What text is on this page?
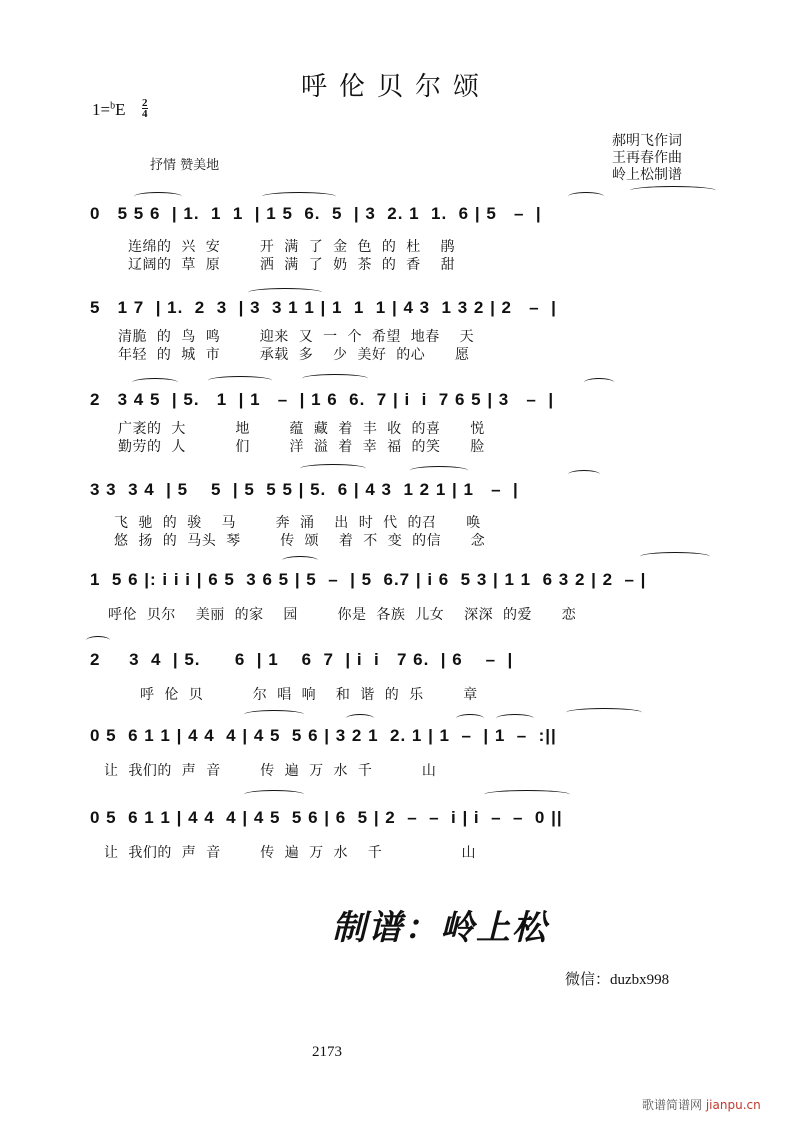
呼伦贝尔颂
1=$^b$E 2
4
抒情 赞美地
郝明飞作词
王再春作曲
岭上松制谱
0   5 5 6  | 1.  1  1  | 1 5  6.  5  | 3  2. 1  1.  6 | 5   –  |
连绵的  兴  安        开  满  了  金  色  的  杜    鹃
辽阔的  草  原        洒  满  了  奶  茶  的  香    甜
5   1 7  | 1.  2  3  | 3  3 1 1 | 1  1  1 | 4 3  1 3 2 | 2   –  |
清脆  的  鸟  鸣        迎来  又  一  个  希望  地春    天
年轻  的  城  市        承载  多    少  美好  的心      愿
2   3 4 5  | 5.   1  | 1   –  | 1 6  6.  7 | i  i  7 6 5 | 3   –  |
广袤的  大          地        蕴  藏  着  丰  收  的喜      悦
勤劳的  人          们        洋  溢  着  幸  福  的笑      脸
3 3  3 4  | 5    5  | 5  5 5 | 5.  6 | 4 3  1 2 1 | 1   –  |
飞  驰  的  骏    马        奔  涌    出  时  代  的召      唤
悠  扬  的  马头  琴        传  颂    着  不  变  的信      念
1  5 6 |: i i i | 6 5  3 6 5 | 5  –  | 5  6.7 | i 6  5 3 | 1 1  6 3 2 | 2  – |
呼伦  贝尔    美丽  的家    园        你是  各族  儿女    深深  的爱      恋
2     3  4  | 5.      6  | 1    6  7  | i  i   7 6.  | 6    –  |
呼  伦  贝          尔  唱  响    和  谐  的  乐        章
0 5  6 1 1 | 4 4  4 | 4 5  5 6 | 3 2 1  2. 1 | 1  –  | 1  –  :||
让  我们的  声  音        传  遍  万  水  千          山
0 5  6 1 1 | 4 4  4 | 4 5  5 6 | 6  5 | 2  –  –  i | i  –  –  0 ||
让  我们的  声  音        传  遍  万  水    千                山
制谱：岭上松
微信：duzbx998
2173
歌谱简谱网 jianpu.cn
